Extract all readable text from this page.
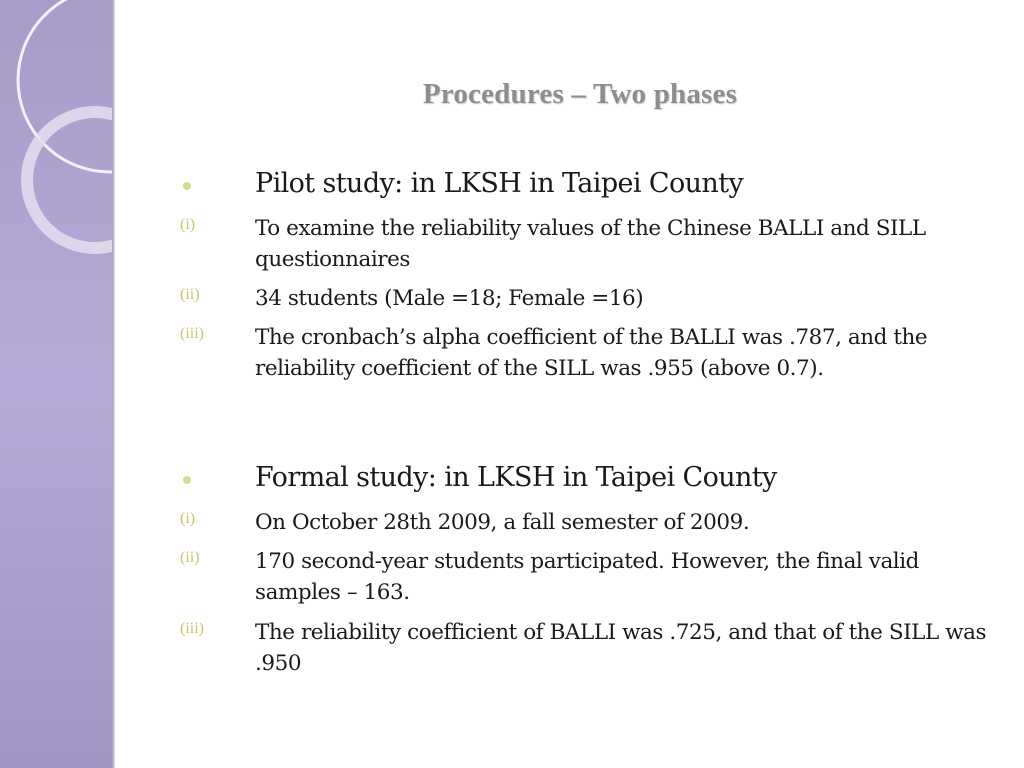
Procedures – Two phases
Pilot study: in LKSH in Taipei County
(i)	To examine the reliability values of the Chinese BALLI and SILL questionnaires
(ii)	34 students (Male =18; Female =16)
(iii) The cronbach’s alpha coefficient of the BALLI was .787, and the reliability coefficient of the SILL was .955 (above 0.7).
Formal study: in LKSH in Taipei County
(i)	On October 28th 2009, a fall semester of 2009.
(ii)	170 second-year students participated. However, the final valid samples – 163.
(iii) The reliability coefficient of BALLI was .725, and that of the SILL was .950
